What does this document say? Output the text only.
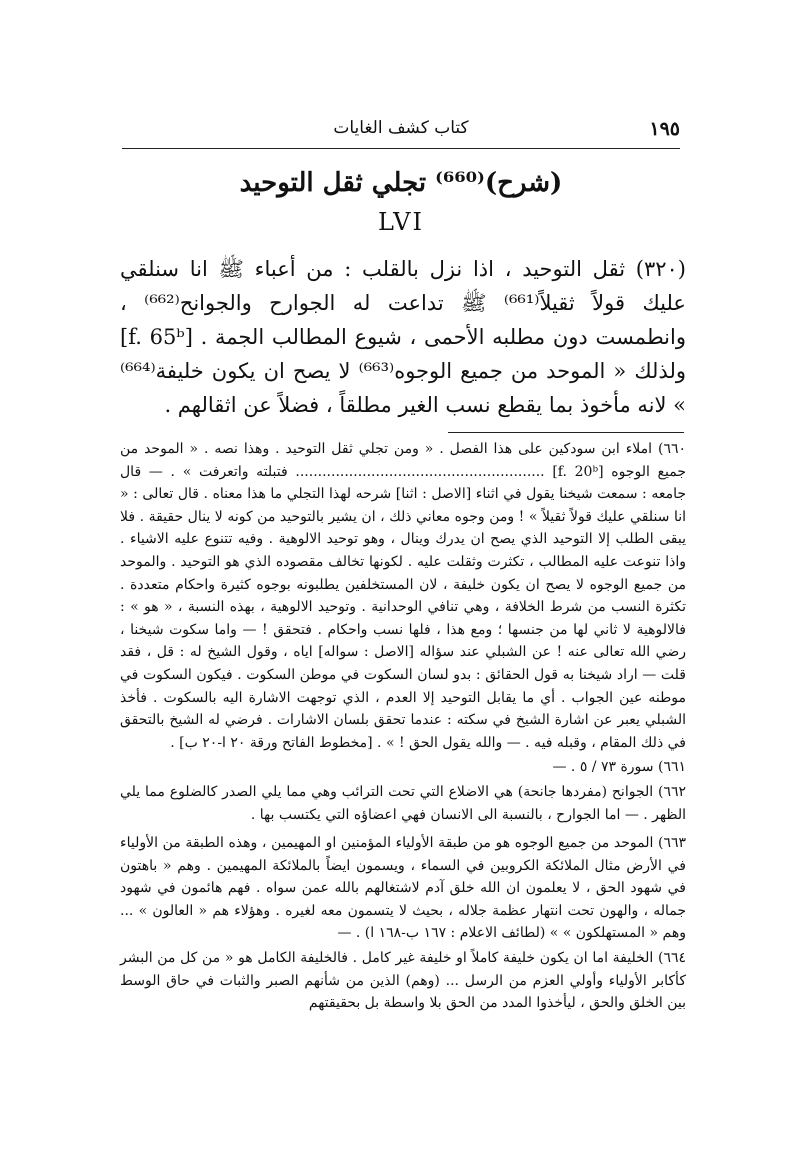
كتاب كشف الغايات	١٩٥
(شرح)⁽⁶⁶⁰⁾ تجلي ثقل التوحيد
LVI

(٣٢٠) ثقل التوحيد ، اذا نزل بالقلب : من أعباء ﷺ انا سنلقي عليك قولاً ثقيلاً⁽⁶⁶¹⁾ ﷺ تداعت له الجوارح والجوانح⁽⁶⁶²⁾ ، وانطمست دون مطلبه الأحمى ، شيوع المطالب الجمة . [f. 65ᵇ] ولذلك « الموحد من جميع الوجوه⁽⁶⁶³⁾ لا يصح ان يكون خليفة⁽⁶⁶⁴⁾ » لانه مأخوذ بما يقطع نسب الغير مطلقاً ، فضلاً عن اثقالهم .

٦٦٠) املاء ابن سودكين على هذا الفصل . « ومن تجلي ثقل التوحيد . وهذا نصه . « الموحد من جميع الوجوه [f. 20ᵇ] ........................................................ فتبلته واتعرفت » . — قال جامعه : سمعت شيخنا يقول في اثناء [الاصل : اثنا] شرحه لهذا التجلي ما هذا معناه . قال تعالى : « انا سنلقي عليك قولاً ثقيلاً » ! ومن وجوه معاني ذلك ، ان يشير بالتوحيد من كونه لا ينال حقيقة . فلا يبقى الطلب إلا التوحيد الذي يصح ان يدرك وينال ، وهو توحيد الالوهية . وفيه تتنوع عليه الاشياء . واذا تنوعت عليه المطالب ، تكثرت وثقلت عليه . لكونها تخالف مقصوده الذي هو التوحيد . والموحد من جميع الوجوه لا يصح ان يكون خليفة ، لان المستخلفين يطلبونه بوجوه كثيرة واحكام متعددة . تكثرة النسب من شرط الخلافة ، وهي تنافي الوحدانية . وتوحيد الالوهية ، بهذه النسبة ، « هو » : فالالوهية لا ثاني لها من جنسها ؛ ومع هذا ، فلها نسب واحكام . فتحقق ! — واما سكوت شيخنا ، رضي الله تعالى عنه ! عن الشبلي عند سؤاله [الاصل : سواله] اياه ، وقول الشيخ له : قل ، فقد قلت — اراد شيخنا به قول الحقائق : بدو لسان السكوت في موطن السكوت . فيكون السكوت في موطنه عين الجواب . أي ما يقابل التوحيد إلا العدم ، الذي توجهت الاشارة اليه بالسكوت . فأخذ الشبلي يعبر عن اشارة الشيخ في سكته : عندما تحقق بلسان الاشارات . فرضي له الشيخ بالتحقق في ذلك المقام ، وقبله فيه . — والله يقول الحق ! » . [مخطوط الفاتح ورقة ٢٠ ا-٢٠ ب] .

٦٦١) سورة ٧٣ / ٥ . —

٦٦٢) الجوانح (مفردها جانحة) هي الاضلاع التي تحت الترائب وهي مما يلي الصدر كالضلوع مما يلي الظهر . — اما الجوارح ، بالنسبة الى الانسان فهي اعضاؤه التي يكتسب بها .

٦٦٣) الموحد من جميع الوجوه هو من طبقة الأولياء المؤمنين او المهيمين ، وهذه الطبقة من الأولياء في الأرض مثال الملائكة الكروبين في السماء ، ويسمون ايضاً بالملائكة المهيمين . وهم « باهتون في شهود الحق ، لا يعلمون ان الله خلق آدم لاشتغالهم بالله عمن سواه . فهم هائمون في شهود جماله ، والهون تحت انتهار عظمة جلاله ، بحيث لا يتسمون معه لغيره . وهؤلاء هم « العالون » ... وهم « المستهلكون » » (لطائف الاعلام : ١٦٧ ب-١٦٨ ا) . —

٦٦٤) الخليفة اما ان يكون خليفة كاملاً او خليفة غير كامل . فالخليفة الكامل هو « من كل من البشر كأكابر الأولياء وأولي العزم من الرسل ... (وهم) الذين من شأنهم الصبر والثبات في حاق الوسط بين الخلق والحق ، ليأخذوا المدد من الحق بلا واسطة بل بحقيقتهم
